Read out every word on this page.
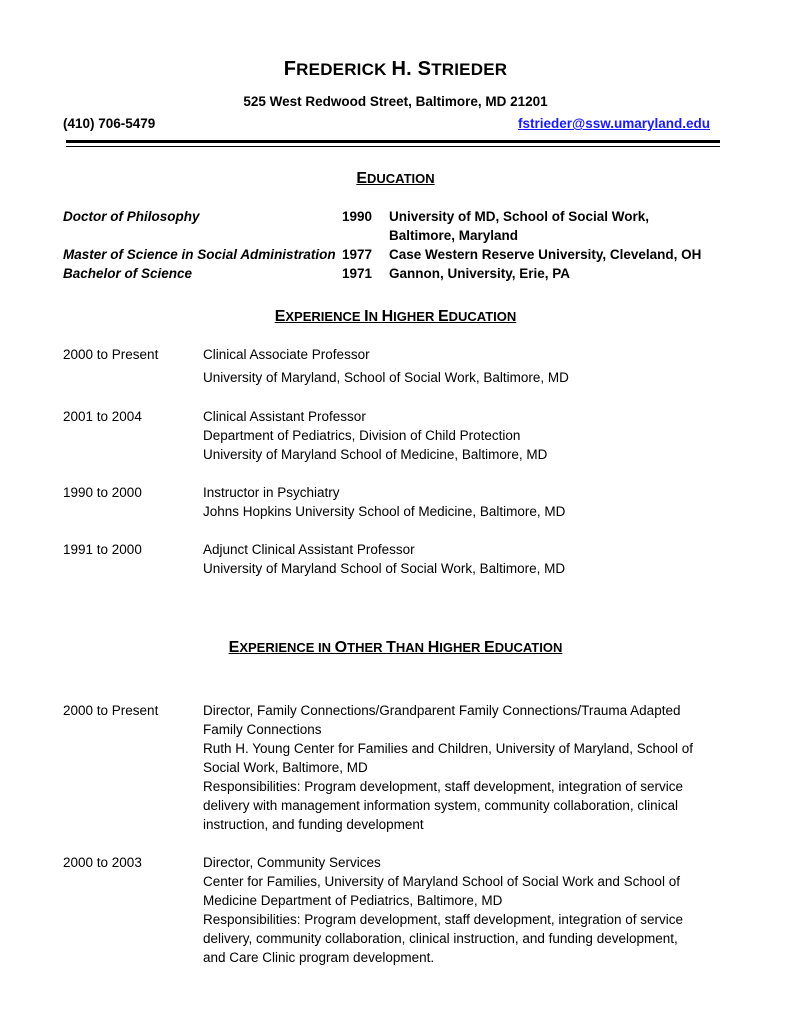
FREDERICK H. STRIEDER
525 West Redwood Street, Baltimore, MD 21201
(410) 706-5479	fstrieder@ssw.umaryland.edu
EDUCATION
Doctor of Philosophy	1990 University of MD, School of Social Work,
Baltimore, Maryland
Master of Science in Social Administration 1977 Case Western Reserve University, Cleveland, OH
Bachelor of Science	1971 Gannon, University, Erie, PA
EXPERIENCE IN HIGHER EDUCATION
2000 to Present	Clinical Associate Professor
University of Maryland, School of Social Work, Baltimore, MD
2001 to 2004	Clinical Assistant Professor
Department of Pediatrics, Division of Child Protection
University of Maryland School of Medicine, Baltimore, MD
1990 to 2000	Instructor in Psychiatry
Johns Hopkins University School of Medicine, Baltimore, MD
1991 to 2000	Adjunct Clinical Assistant Professor
University of Maryland School of Social Work, Baltimore, MD
EXPERIENCE IN OTHER THAN HIGHER EDUCATION
2000 to Present	Director, Family Connections/Grandparent Family Connections/Trauma Adapted
Family Connections
Ruth H. Young Center for Families and Children, University of Maryland, School of
Social Work, Baltimore, MD
Responsibilities: Program development, staff development, integration of service
delivery with management information system, community collaboration, clinical
instruction, and funding development
2000 to 2003	Director, Community Services
Center for Families, University of Maryland School of Social Work and School of
Medicine Department of Pediatrics, Baltimore, MD
Responsibilities: Program development, staff development, integration of service
delivery, community collaboration, clinical instruction, and funding development,
and Care Clinic program development.
